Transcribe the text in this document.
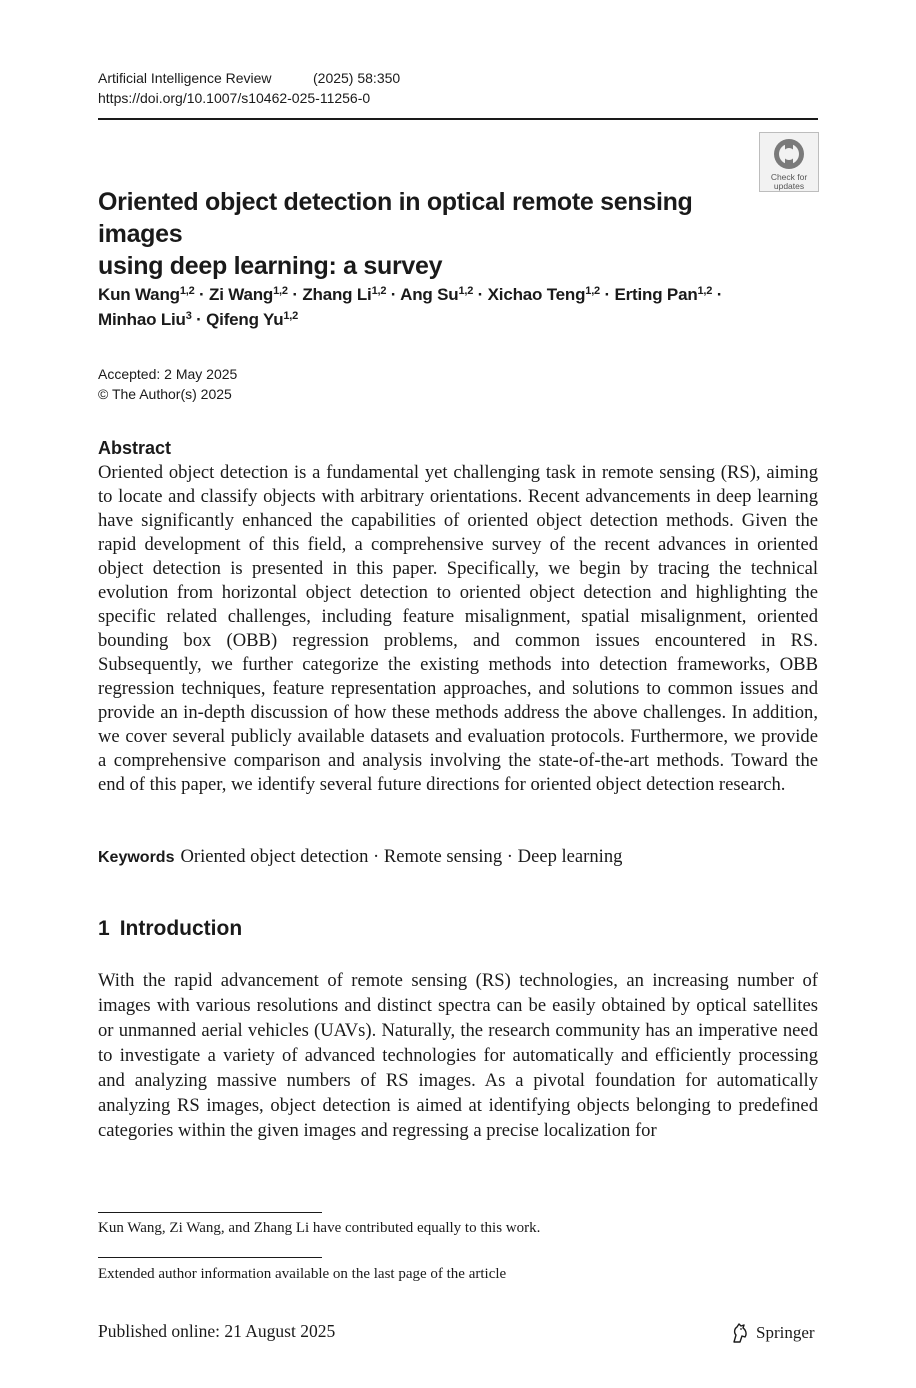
Artificial Intelligence Review	(2025) 58:350
https://doi.org/10.1007/s10462-025-11256-0
Check for
updates
Oriented object detection in optical remote sensing images
using deep learning: a survey
Kun Wang$^{1,2}$ · Zi Wang$^{1,2}$ · Zhang Li$^{1,2}$ · Ang Su$^{1,2}$ · Xichao Teng$^{1,2}$ · Erting Pan$^{1,2}$ ·
Minhao Liu$^3$ · Qifeng Yu$^{1,2}$
Accepted: 2 May 2025
© The Author(s) 2025
Abstract
Oriented object detection is a fundamental yet challenging task in remote sensing (RS), aiming to locate and classify objects with arbitrary orientations. Recent advancements in deep learning have significantly enhanced the capabilities of oriented object detection methods. Given the rapid development of this field, a comprehensive survey of the recent advances in oriented object detection is presented in this paper. Specifically, we begin by tracing the technical evolution from horizontal object detection to oriented object detection and highlighting the specific related challenges, including feature misalignment, spatial misalignment, oriented bounding box (OBB) regression problems, and common issues encountered in RS. Subsequently, we further categorize the existing methods into detection frameworks, OBB regression techniques, feature representation approaches, and solutions to common issues and provide an in-depth discussion of how these methods address the above challenges. In addition, we cover several publicly available datasets and evaluation protocols. Furthermore, we provide a comprehensive comparison and analysis involving the state-of-the-art methods. Toward the end of this paper, we identify several future directions for oriented object detection research.
Keywords Oriented object detection · Remote sensing · Deep learning
1 Introduction
With the rapid advancement of remote sensing (RS) technologies, an increasing number of images with various resolutions and distinct spectra can be easily obtained by optical satellites or unmanned aerial vehicles (UAVs). Naturally, the research community has an imperative need to investigate a variety of advanced technologies for automatically and efficiently processing and analyzing massive numbers of RS images. As a pivotal foundation for automatically analyzing RS images, object detection is aimed at identifying objects belonging to predefined categories within the given images and regressing a precise localization for
Kun Wang, Zi Wang, and Zhang Li have contributed equally to this work.
Extended author information available on the last page of the article
Published online: 21 August 2025	Springer
